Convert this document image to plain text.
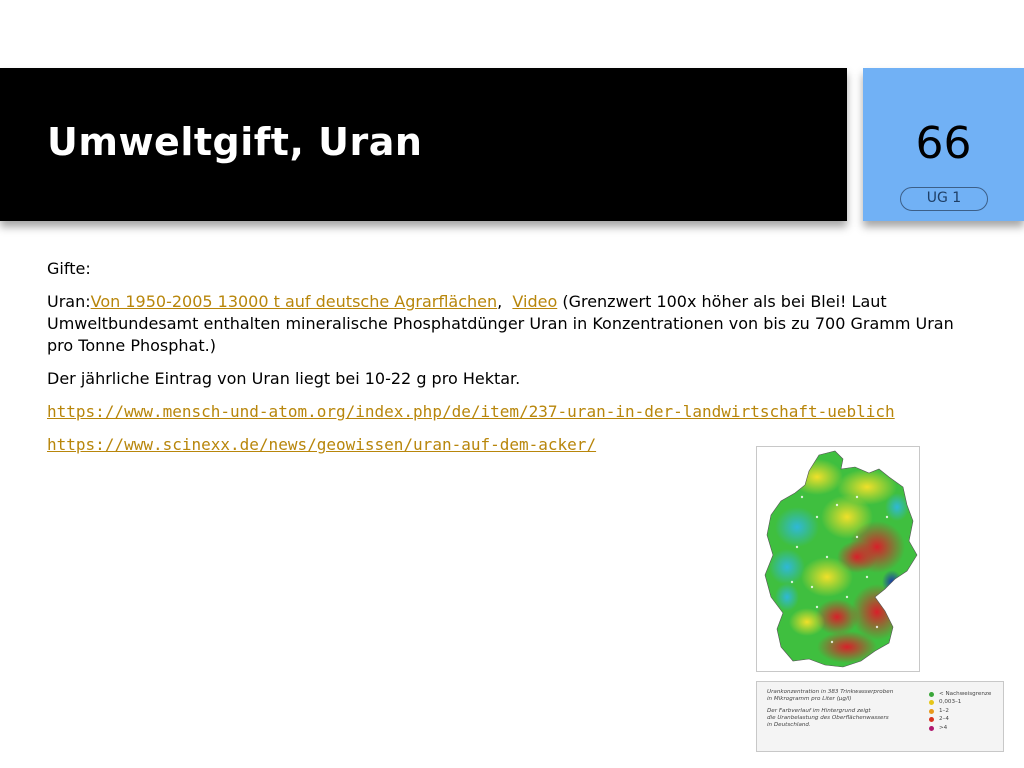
Umweltgift, Uran	66
UG 1

Gifte:

Uran:Von 1950-2005 13000 t auf deutsche Agrarflächen, Video (Grenzwert 100x höher als bei Blei! Laut Umweltbundesamt enthalten mineralische Phosphatdünger Uran in Konzentrationen von bis zu 700 Gramm Uran pro Tonne Phosphat.)

Der jährliche Eintrag von Uran liegt bei 10-22 g pro Hektar.

https://www.mensch-und-atom.org/index.php/de/item/237-uran-in-der-landwirtschaft-ueblich

https://www.scinexx.de/news/geowissen/uran-auf-dem-acker/

Urankonzentration in 383 Trinkwasserproben
in Mikrogramm pro Liter (µg/l)
Der Farbverlauf im Hintergrund zeigt
die Uranbelastung des Oberflächenwassers
in Deutschland.
< Nachweisgrenze
0,003–1
1–2
2–4
>4
